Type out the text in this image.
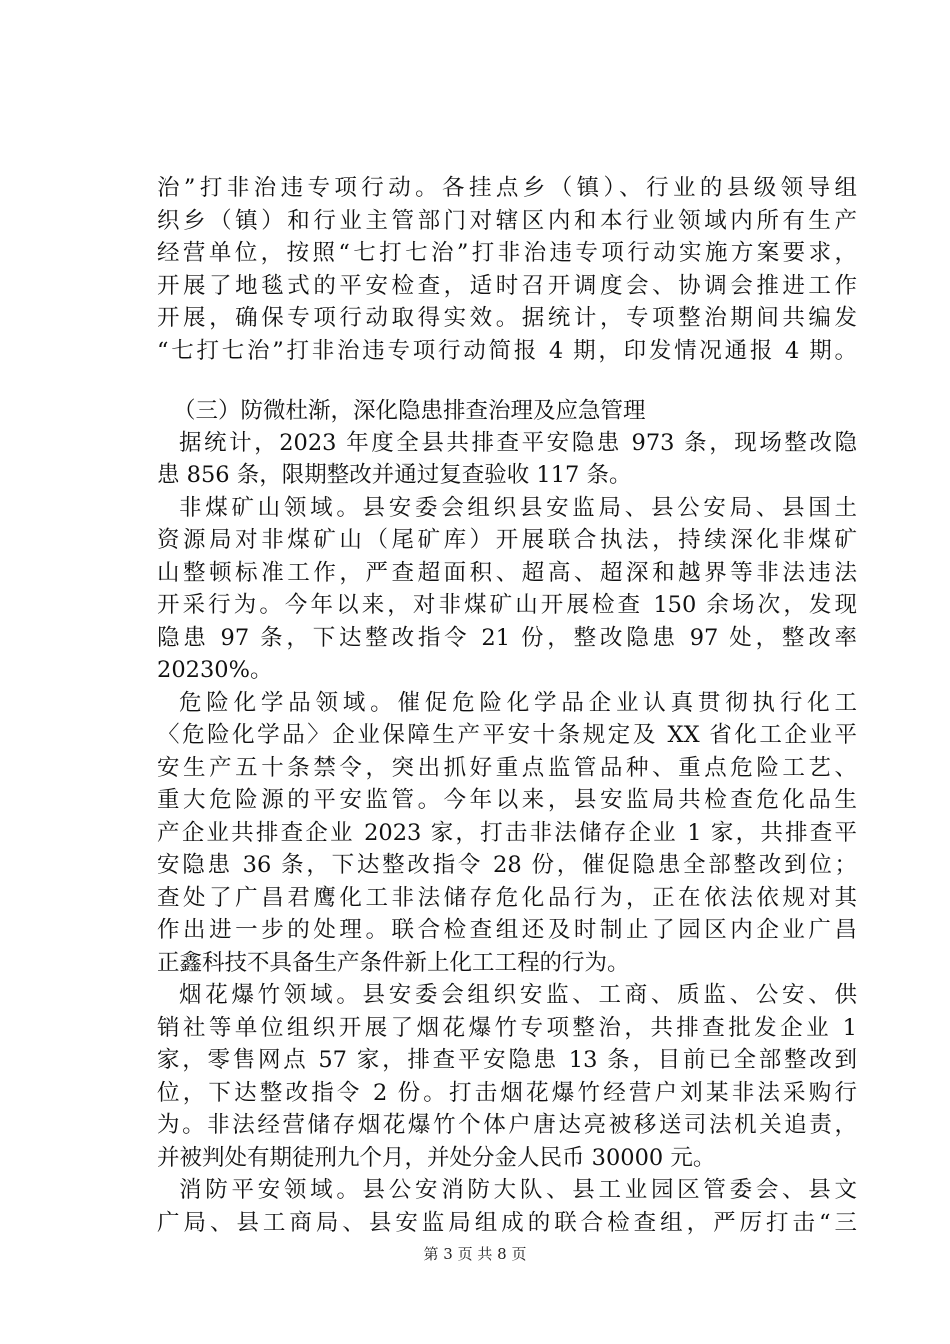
治”打非治违专项行动。各挂点乡（镇）、行业的县级领导组
织乡（镇）和行业主管部门对辖区内和本行业领域内所有生产
经营单位，按照“七打七治”打非治违专项行动实施方案要求，
开展了地毯式的平安检查，适时召开调度会、协调会推进工作
开展，确保专项行动取得实效。据统计，专项整治期间共编发
“七打七治”打非治违专项行动简报 4 期，印发情况通报 4 期。
（三）防微杜渐，深化隐患排查治理及应急管理
据统计，2023 年度全县共排查平安隐患 973 条，现场整改隐
患 856 条，限期整改并通过复查验收 117 条。
非煤矿山领域。县安委会组织县安监局、县公安局、县国土
资源局对非煤矿山（尾矿库）开展联合执法，持续深化非煤矿
山整顿标准工作，严查超面积、超高、超深和越界等非法违法
开采行为。今年以来，对非煤矿山开展检查 150 余场次，发现
隐患 97 条，下达整改指令 21 份，整改隐患 97 处，整改率
20230%。
危险化学品领域。催促危险化学品企业认真贯彻执行化工
〈危险化学品〉企业保障生产平安十条规定及 XX 省化工企业平
安生产五十条禁令，突出抓好重点监管品种、重点危险工艺、
重大危险源的平安监管。今年以来，县安监局共检查危化品生
产企业共排查企业 2023 家，打击非法储存企业 1 家，共排查平
安隐患 36 条，下达整改指令 28 份，催促隐患全部整改到位；
查处了广昌君鹰化工非法储存危化品行为，正在依法依规对其
作出进一步的处理。联合检查组还及时制止了园区内企业广昌
正鑫科技不具备生产条件新上化工工程的行为。
烟花爆竹领域。县安委会组织安监、工商、质监、公安、供
销社等单位组织开展了烟花爆竹专项整治，共排查批发企业 1
家，零售网点 57 家，排查平安隐患 13 条，目前已全部整改到
位，下达整改指令 2 份。打击烟花爆竹经营户刘某非法采购行
为。非法经营储存烟花爆竹个体户唐达亮被移送司法机关追责，
并被判处有期徒刑九个月，并处分金人民币 30000 元。
消防平安领域。县公安消防大队、县工业园区管委会、县文
广局、县工商局、县安监局组成的联合检查组，严厉打击“三
第 3 页 共 8 页
